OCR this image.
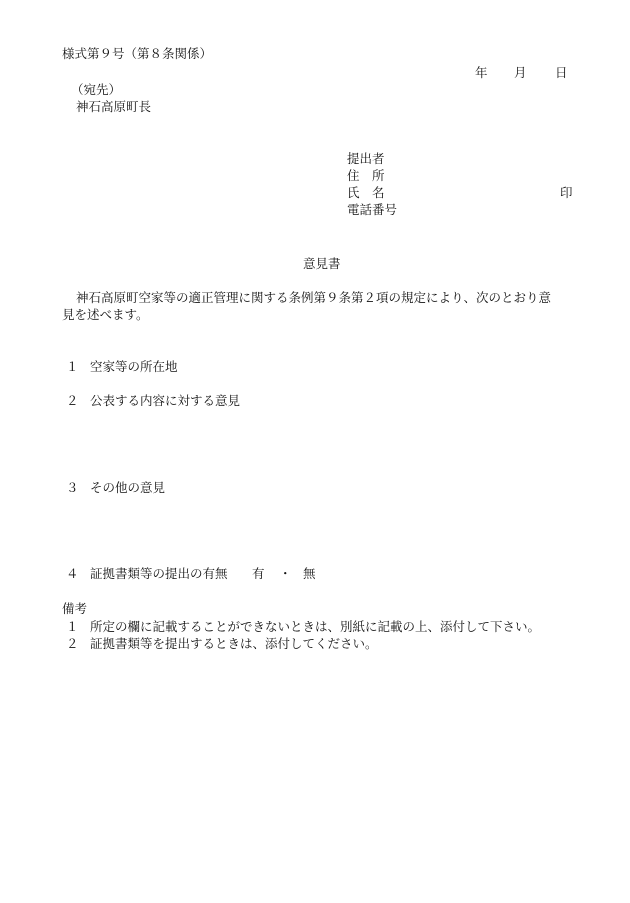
様式第９号（第８条関係）
年 月 日
（宛先）
神石高原町長
提出者
住　所
氏　名	印
電話番号
意見書
神石高原町空家等の適正管理に関する条例第９条第２項の規定により、次のとおり意
見を述べます。
１ 空家等の所在地
２ 公表する内容に対する意見
３ その他の意見
４ 証拠書類等の提出の有無 有 ・ 無
備考
１ 所定の欄に記載することができないときは、別紙に記載の上、添付して下さい。
２ 証拠書類等を提出するときは、添付してください。
